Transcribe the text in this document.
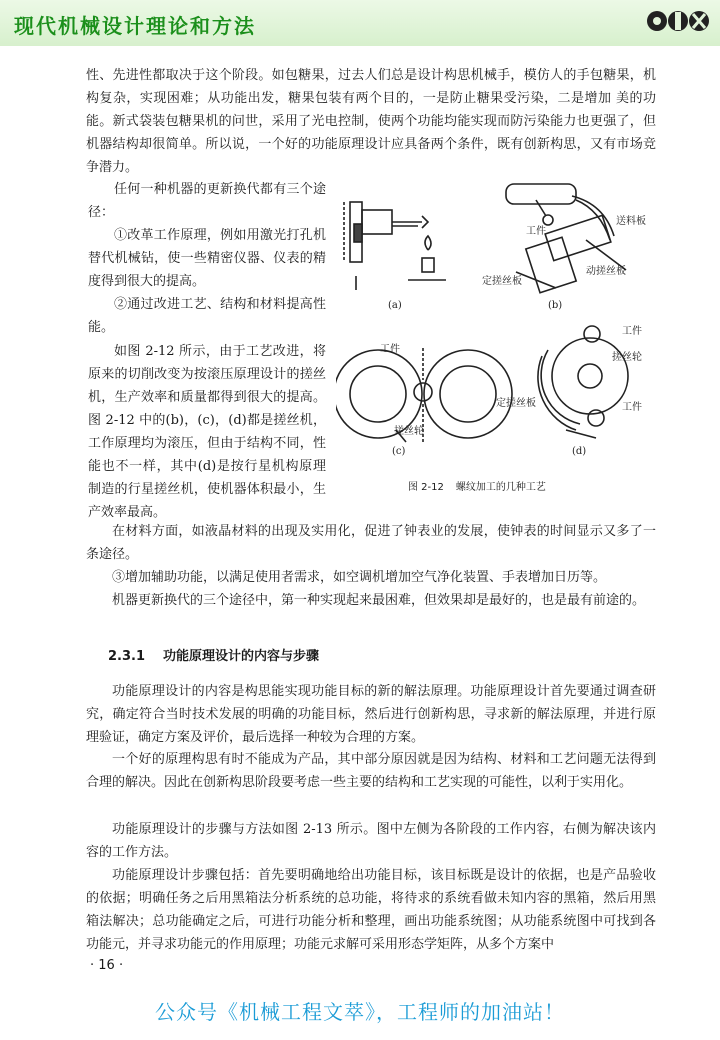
现代机械设计理论和方法

性、先进性都取决于这个阶段。如包糖果，过去人们总是设计构思机械手，模仿人的手包糖果，机构复杂，实现困难；从功能出发，糖果包装有两个目的，一是防止糖果受污染，二是增加 美的功能。新式袋装包糖果机的问世，采用了光电控制，使两个功能均能实现而防污染能力也更强了，但机器结构却很简单。所以说，一个好的功能原理设计应具备两个条件，既有创新构思，又有市场竞争潜力。

任何一种机器的更新换代都有三个途径：

①改革工作原理，例如用激光打孔机替代机械钻，使一些精密仪器、仪表的精度得到很大的提高。

②通过改进工艺、结构和材料提高性能。

如图 2-12 所示，由于工艺改进，将原来的切削改变为按滚压原理设计的搓丝机，生产效率和质量都得到很大的提高。图 2-12 中的(b)，(c)，(d)都是搓丝机，工作原理均为滚压，但由于结构不同，性能也不一样，其中(d)是按行星机构原理制造的行星搓丝机，使机器体积最小，生产效率最高。

(a)
送料板
工件
动搓丝板
定搓丝板
(b)
工件
搓丝轮
(c)
工件
搓丝轮
定搓丝板	工件
(d)
图 2-12 螺纹加工的几种工艺

在材料方面，如液晶材料的出现及实用化，促进了钟表业的发展，使钟表的时间显示又多了一条途径。

③增加辅助功能，以满足使用者需求，如空调机增加空气净化装置、手表增加日历等。

机器更新换代的三个途径中，第一种实现起来最困难，但效果却是最好的，也是最有前途的。

2.3.1 功能原理设计的内容与步骤

功能原理设计的内容是构思能实现功能目标的新的解法原理。功能原理设计首先要通过调查研究，确定符合当时技术发展的明确的功能目标，然后进行创新构思，寻求新的解法原理，并进行原理验证，确定方案及评价，最后选择一种较为合理的方案。

一个好的原理构思有时不能成为产品，其中部分原因就是因为结构、材料和工艺问题无法得到合理的解决。因此在创新构思阶段要考虑一些主要的结构和工艺实现的可能性，以利于实用化。

功能原理设计的步骤与方法如图 2-13 所示。图中左侧为各阶段的工作内容，右侧为解决该内容的工作方法。

功能原理设计步骤包括：首先要明确地给出功能目标，该目标既是设计的依据，也是产品验收的依据；明确任务之后用黑箱法分析系统的总功能，将待求的系统看做未知内容的黑箱，然后用黑箱法解决；总功能确定之后，可进行功能分析和整理，画出功能系统图；从功能系统图中可找到各功能元，并寻求功能元的作用原理；功能元求解可采用形态学矩阵，从多个方案中

· 16 ·
公众号《机械工程文萃》，工程师的加油站！
